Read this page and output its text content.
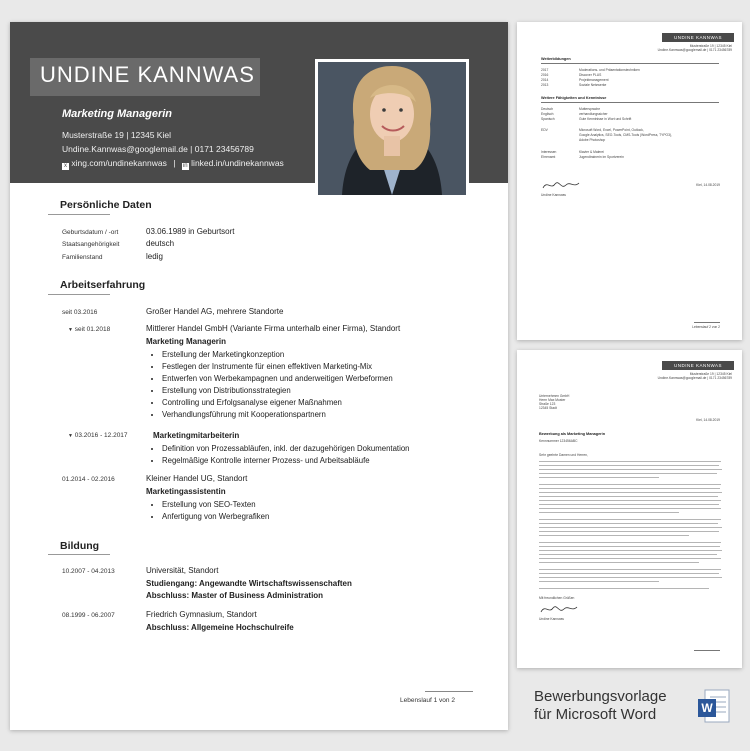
UNDINE KANNWAS
Marketing Managerin
Musterstraße 19 | 12345 Kiel
Undine.Kannwas@googlemail.de | 0171 23456789
x xing.com/undinekannwas | in linked.in/undinekannwas
Persönliche Daten
Geburtsdatum / -ort	03.06.1989 in Geburtsort
Staatsangehörigkeit	deutsch
Familienstand	ledig
Arbeitserfahrung
seit 03.2016	Großer Handel AG, mehrere Standorte
▼ seit 01.2018	Mittlerer Handel GmbH (Variante Firma unterhalb einer Firma), Standort
Marketing Managerin
• Erstellung der Marketingkonzeption
• Festlegen der Instrumente für einen effektiven Marketing-Mix
• Entwerfen von Werbekampagnen und anderweitigen Werbeformen
• Erstellung von Distributionsstrategien
• Controlling und Erfolgsanalyse eigener Maßnahmen
• Verhandlungsführung mit Kooperationspartnern
▼ 03.2016 - 12.2017	Marketingmitarbeiterin
• Definition von Prozessabläufen, inkl. der dazugehörigen Dokumentation
• Regelmäßige Kontrolle interner Prozess- und Arbeitsabläufe
01.2014 - 02.2016	Kleiner Handel UG, Standort
Marketingassistentin
• Erstellung von SEO-Texten
• Anfertigung von Werbegrafiken
Bildung
10.2007 - 04.2013	Universität, Standort
Studiengang: Angewandte Wirtschaftswissenschaften
Abschluss: Master of Business Administration
08.1999 - 06.2007	Friedrich Gymnasium, Standort
Abschluss: Allgemeine Hochschulreife
Lebenslauf 1 von 2
UNDINE KANNWAS
Musterstraße 19 | 12345 Kiel
Undine.Kannwas@googlemail.de | 0171 23456789
Weiterbildungen
2017	Moderations- und Präsentationstechniken
2016	Discover PLUS
2014	Projektmanagement
2013	Soziale Netzwerke
Weitere Fähigkeiten und Kenntnisse
Deutsch	Muttersprache
Englisch	verhandlungssicher
Spanisch	Gute Kenntnisse in Wort und Schrift
EDV	Microsoft Word, Excel, PowerPoint, Outlook,
Google Analytics, SEO-Tools, CMS-Tools (WordPress, TYPO3),
Adobe Photoshop
Interessen	Klavier & Malerei
Ehrenamt	Jugendtrainerin im Sportverein
Undine Kannwas
Kiel, 14.08.2019
Lebenslauf 2 von 2
UNDINE KANNWAS
Musterstraße 19 | 12345 Kiel
Undine.Kannwas@googlemail.de | 0171 23456789
Unternehmen GmbH
Herrn Max Muster
Straße 123
12345 Stadt
Kiel, 14.08.2019
Bewerbung als Marketing Managerin
Kennnummer 123456ABC
Sehr geehrte Damen und Herren,
Mit freundlichen Grüßen
Undine Kannwas
Bewerbungsvorlage
für Microsoft Word	W
